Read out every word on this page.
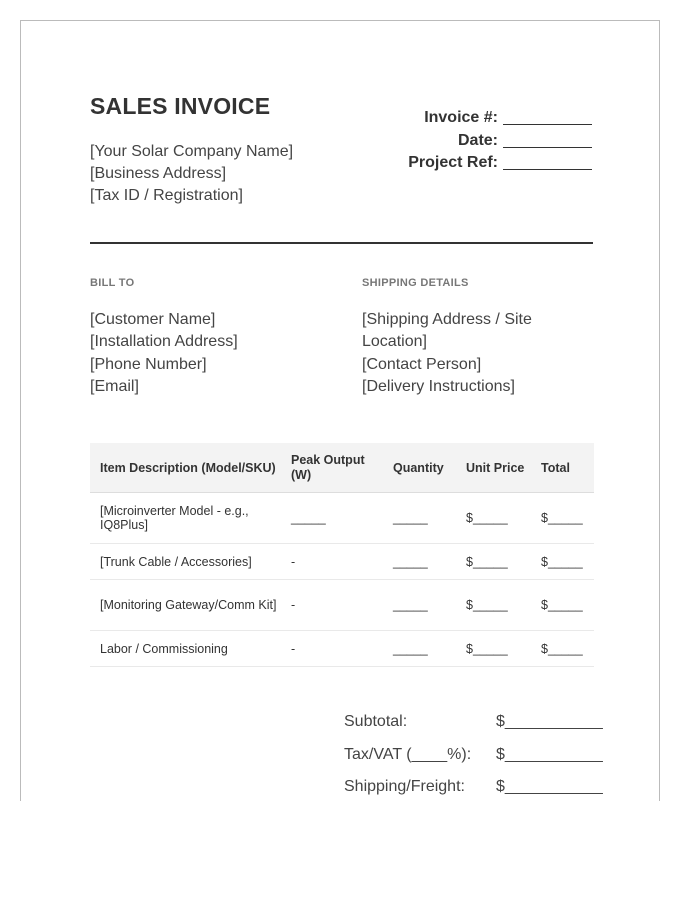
SALES INVOICE
[Your Solar Company Name]
[Business Address]
[Tax ID / Registration]
Invoice #:
Date:
Project Ref:
BILL TO
[Customer Name]
[Installation Address]
[Phone Number]
[Email]
SHIPPING DETAILS
[Shipping Address / Site Location]
[Contact Person]
[Delivery Instructions]
Item Description (Model/SKU)	Peak Output (W)	Quantity	Unit Price	Total
[Microinverter Model - e.g., IQ8Plus]	_____	_____	$_____	$_____
[Trunk Cable / Accessories]	-	_____	$_____	$_____
[Monitoring Gateway/Comm Kit]	-	_____	$_____	$_____
Labor / Commissioning	-	_____	$_____	$_____
Subtotal:	$___________
Tax/VAT (____%): $___________
Shipping/Freight: $___________
